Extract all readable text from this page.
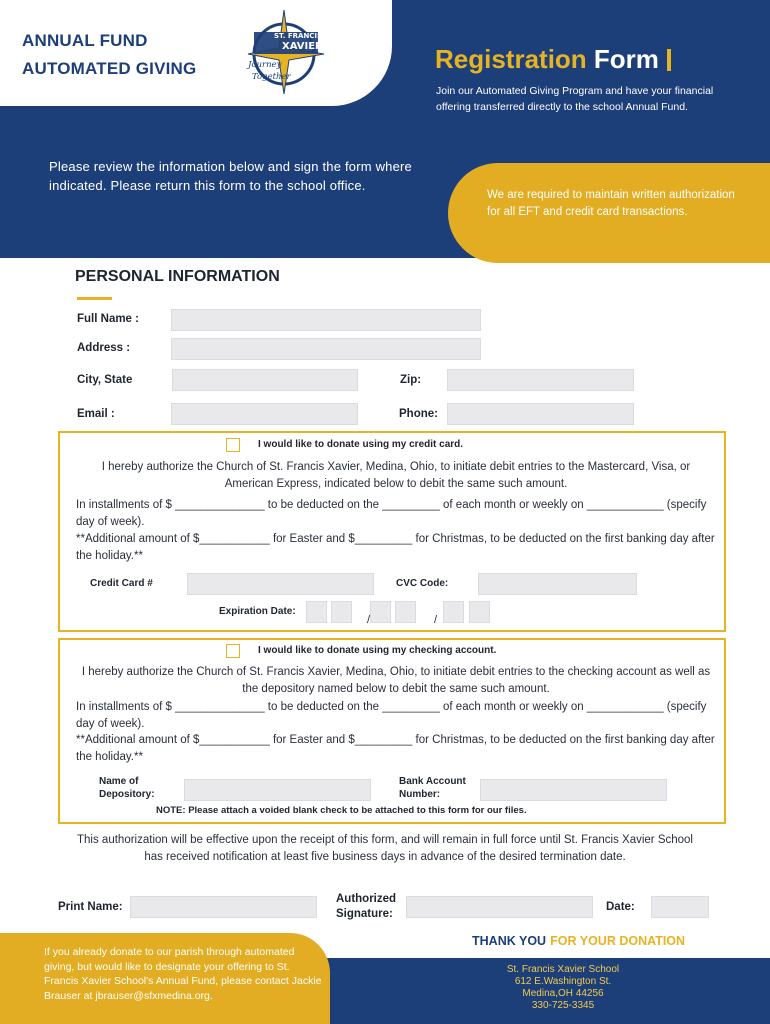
ANNUAL FUND
AUTOMATED GIVING
ST. FRANCIS
XAVIER
Journey
Together
Registration Form
Join our Automated Giving Program and have your financial offering transferred directly to the school Annual Fund.
Please review the information below and sign the form where indicated. Please return this form to the school office.
We are required to maintain written authorization for all EFT and credit card transactions.
PERSONAL INFORMATION
Full Name :
Address :
City, State	Zip:
Email :	Phone:
I would like to donate using my credit card.
I hereby authorize the Church of St. Francis Xavier, Medina, Ohio, to initiate debit entries to the Mastercard, Visa, or American Express, indicated below to debit the same such amount.
In installments of $ ______________ to be deducted on the _________ of each month or weekly on ____________ (specify day of week).
**Additional amount of $___________ for Easter and $_________ for Christmas, to be deducted on the first banking day after the holiday.**
Credit Card #	CVC Code:
Expiration Date:
/	/
I would like to donate using my checking account.
I hereby authorize the Church of St. Francis Xavier, Medina, Ohio, to initiate debit entries to the checking account as well as the depository named below to debit the same such amount.
In installments of $ ______________ to be deducted on the _________ of each month or weekly on ____________ (specify day of week).
**Additional amount of $___________ for Easter and $_________ for Christmas, to be deducted on the first banking day after the holiday.**
Name of
Depository:
Bank Account
Number:
NOTE: Please attach a voided blank check to be attached to this form for our files.
This authorization will be effective upon the receipt of this form, and will remain in full force until St. Francis Xavier School has received notification at least five business days in advance of the desired termination date.
Print Name:
Authorized
Signature:
Date:
If you already donate to our parish through automated giving, but would like to designate your offering to St. Francis Xavier School's Annual Fund, please contact Jackie Brauser at jbrauser@sfxmedina.org.
THANK YOU FOR YOUR DONATION
St. Francis Xavier School
612 E.Washington St.
Medina,OH 44256
330-725-3345
